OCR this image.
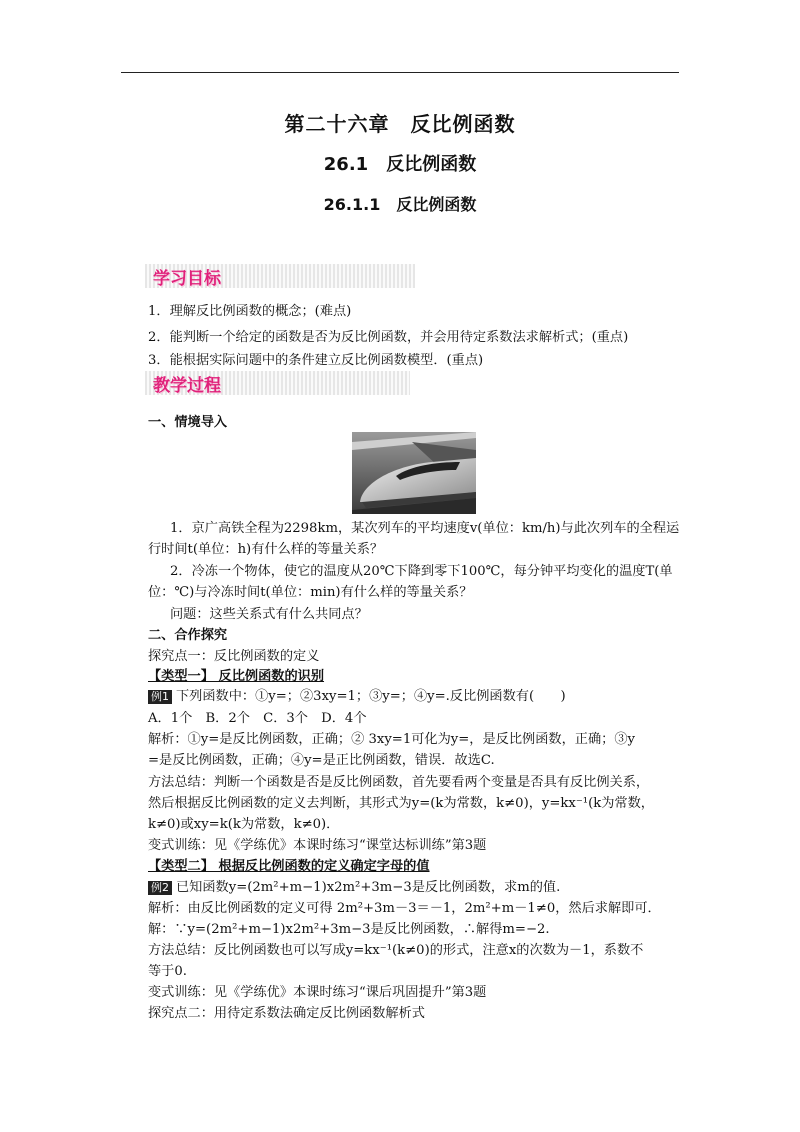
第二十六章　反比例函数
26.1　反比例函数
26.1.1　反比例函数
学习目标
1．理解反比例函数的概念；(难点)
2．能判断一个给定的函数是否为反比例函数，并会用待定系数法求解析式；(重点)
3．能根据实际问题中的条件建立反比例函数模型．(重点)
教学过程
一、情境导入
1．京广高铁全程为2298km，某次列车的平均速度v(单位：km/h)与此次列车的全程运
行时间t(单位：h)有什么样的等量关系？
2．冷冻一个物体，使它的温度从20℃下降到零下100℃，每分钟平均变化的温度T(单
位：℃)与冷冻时间t(单位：min)有什么样的等量关系？
问题：这些关系式有什么共同点？
二、合作探究
探究点一：反比例函数的定义
【类型一】 反比例函数的识别
例1 下列函数中：①y=；②3xy=1；③y=；④y=.反比例函数有(　　)
A．1个　B．2个　C．3个　D．4个
解析：①y=是反比例函数，正确；② 3xy=1可化为y=，是反比例函数，正确；③y
=是反比例函数，正确；④y=是正比例函数，错误．故选C.
方法总结：判断一个函数是否是反比例函数，首先要看两个变量是否具有反比例关系，
然后根据反比例函数的定义去判断，其形式为y=(k为常数，k≠0)，y=kx⁻¹(k为常数，
k≠0)或xy=k(k为常数，k≠0)．
变式训练：见《学练优》本课时练习“课堂达标训练”第3题
【类型二】 根据反比例函数的定义确定字母的值
例2 已知函数y=(2m²+m−1)x2m²+3m−3是反比例函数，求m的值.
解析：由反比例函数的定义可得 2m²+3m－3＝－1，2m²+m－1≠0，然后求解即可．
解：∵y=(2m²+m−1)x2m²+3m−3是反比例函数，∴解得m=−2.
方法总结：反比例函数也可以写成y=kx⁻¹(k≠0)的形式，注意x的次数为－1，系数不
等于0.
变式训练：见《学练优》本课时练习“课后巩固提升”第3题
探究点二：用待定系数法确定反比例函数解析式
